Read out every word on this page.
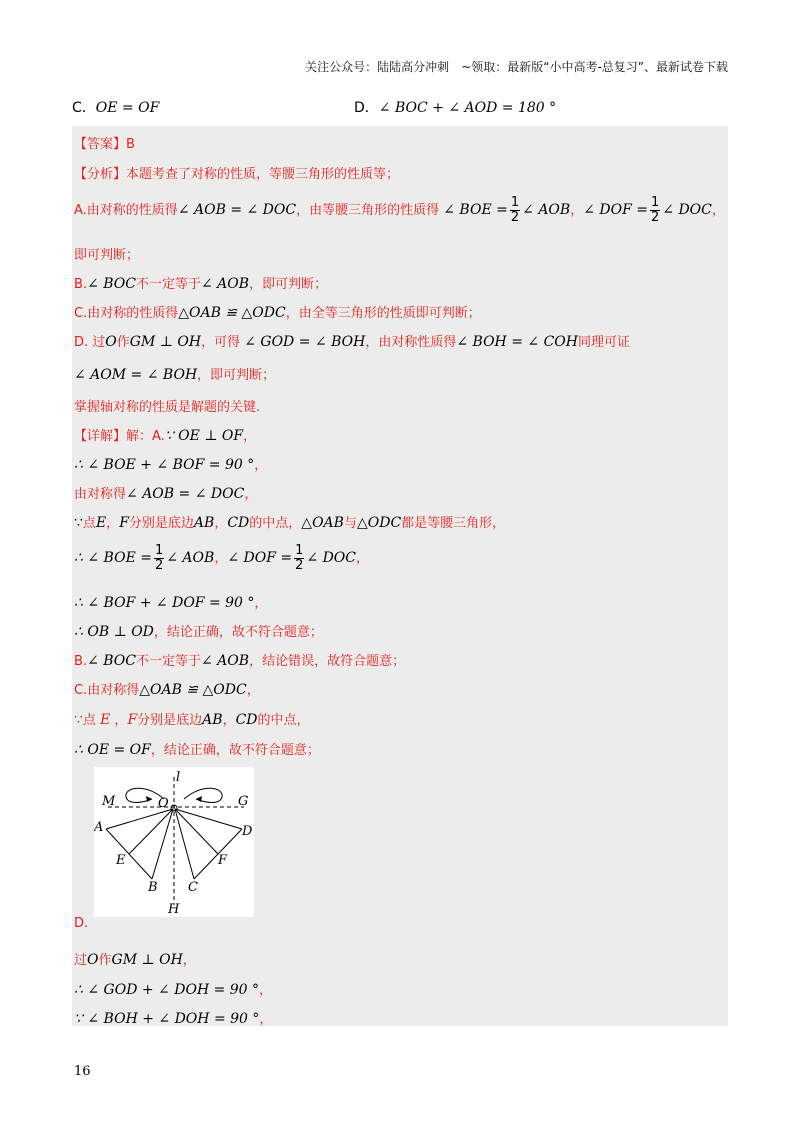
关注公众号：陆陆高分冲刺　~领取：最新版“小中高考-总复习”、最新试卷下载
C．OE = OF	D．∠ BOC + ∠ AOD = 180 °
【答案】B
【分析】本题考查了对称的性质，等腰三角形的性质等；
A.由对称的性质得∠ AOB = ∠ DOC，由等腰三角形的性质得 ∠ BOE = $\frac{1}{2}$ ∠ AOB，∠ DOF = $\frac{1}{2}$ ∠ DOC，
即可判断；
B.∠ BOC不一定等于∠ AOB，即可判断；
C.由对称的性质得△OAB ≌ △ODC，由全等三角形的性质即可判断；
D. 过O作GM ⊥ OH，可得 ∠ GOD = ∠ BOH，由对称性质得∠ BOH = ∠ COH同理可证
∠ AOM = ∠ BOH，即可判断；
掌握轴对称的性质是解题的关键.
【详解】解：A.∵ OE ⊥ OF，
∴ ∠ BOE + ∠ BOF = 90 °，
由对称得∠ AOB = ∠ DOC，
∵点E，F分别是底边AB，CD的中点，△OAB与△ODC都是等腰三角形，
∴ ∠ BOE = $\frac{1}{2}$ ∠ AOB，∠ DOF = $\frac{1}{2}$ ∠ DOC，
∴ ∠ BOF + ∠ DOF = 90 °，
∴ OB ⊥ OD，结论正确，故不符合题意；
B.∠ BOC不一定等于∠ AOB，结论错误，故符合题意；
C.由对称得△OAB ≌ △ODC，
∵点 E ，F分别是底边AB，CD的中点，
∴ OE = OF，结论正确，故不符合题意；
l
M	O	G
A	D
E	F
B C
H
D.
过O作GM ⊥ OH，
∴ ∠ GOD + ∠ DOH = 90 °，
∵ ∠ BOH + ∠ DOH = 90 °，
16
